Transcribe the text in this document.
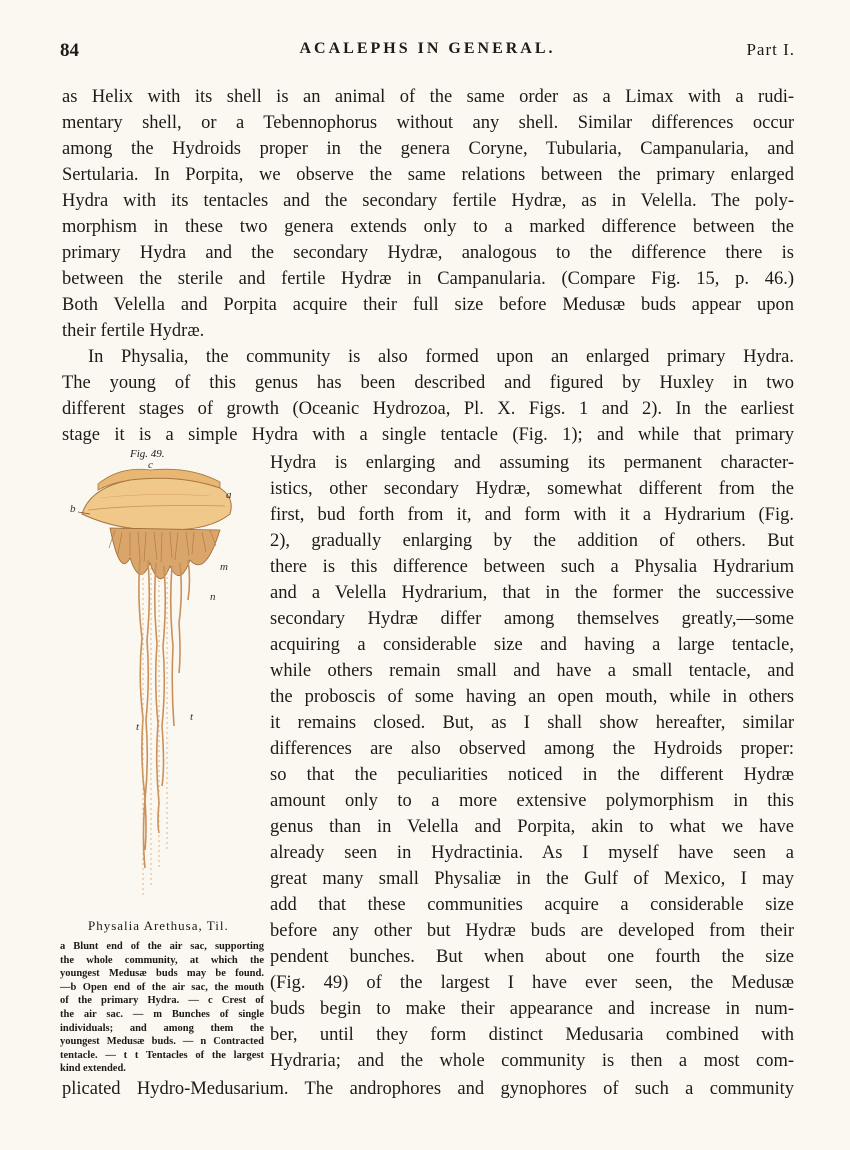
84	ACALEPHS IN GENERAL.	Part I.
as Helix with its shell is an animal of the same order as a Limax with a rudi-
mentary shell, or a Tebennophorus without any shell. Similar differences occur
among the Hydroids proper in the genera Coryne, Tubularia, Campanularia, and
Sertularia. In Porpita, we observe the same relations between the primary enlarged
Hydra with its tentacles and the secondary fertile Hydræ, as in Velella. The poly-
morphism in these two genera extends only to a marked difference between the
primary Hydra and the secondary Hydræ, analogous to the difference there is
between the sterile and fertile Hydræ in Campanularia. (Compare Fig. 15, p. 46.)
Both Velella and Porpita acquire their full size before Medusæ buds appear upon
their fertile Hydræ.
In Physalia, the community is also formed upon an enlarged primary Hydra.
The young of this genus has been described and figured by Huxley in two
different stages of growth (Oceanic Hydrozoa, Pl. X. Figs. 1 and 2). In the earliest
stage it is a simple Hydra with a single tentacle (Fig. 1); and while that primary
Hydra is enlarging and assuming its permanent character-
istics, other secondary Hydræ, somewhat different from the
first, bud forth from it, and form with it a Hydrarium (Fig.
2), gradually enlarging by the addition of others. But
there is this difference between such a Physalia Hydrarium
and a Velella Hydrarium, that in the former the successive
secondary Hydræ differ among themselves greatly,—some
acquiring a considerable size and having a large tentacle,
while others remain small and have a small tentacle, and
the proboscis of some having an open mouth, while in others
it remains closed. But, as I shall show hereafter, similar
differences are also observed among the Hydroids proper:
so that the peculiarities noticed in the different Hydræ
amount only to a more extensive polymorphism in this
genus than in Velella and Porpita, akin to what we have
already seen in Hydractinia. As I myself have seen a
great many small Physaliæ in the Gulf of Mexico, I may
add that these communities acquire a considerable size
before any other but Hydræ buds are developed from their
pendent bunches. But when about one fourth the size
(Fig. 49) of the largest I have ever seen, the Medusæ
buds begin to make their appearance and increase in num-
ber, until they form distinct Medusaria combined with
Hydraria; and the whole community is then a most com-
plicated Hydro-Medusarium. The androphores and gynophores of such a community
Fig. 49.
c
a
b
m
n
t
t
Physalia Arethusa, Til.
a Blunt end of the air sac, supporting
the whole community, at which the
youngest Medusæ buds may be found.
—b Open end of the air sac, the mouth
of the primary Hydra. — c Crest of
the air sac. — m Bunches of single
individuals; and among them the
youngest Medusæ buds. — n Contracted
tentacle. — t t Tentacles of the largest
kind extended.
